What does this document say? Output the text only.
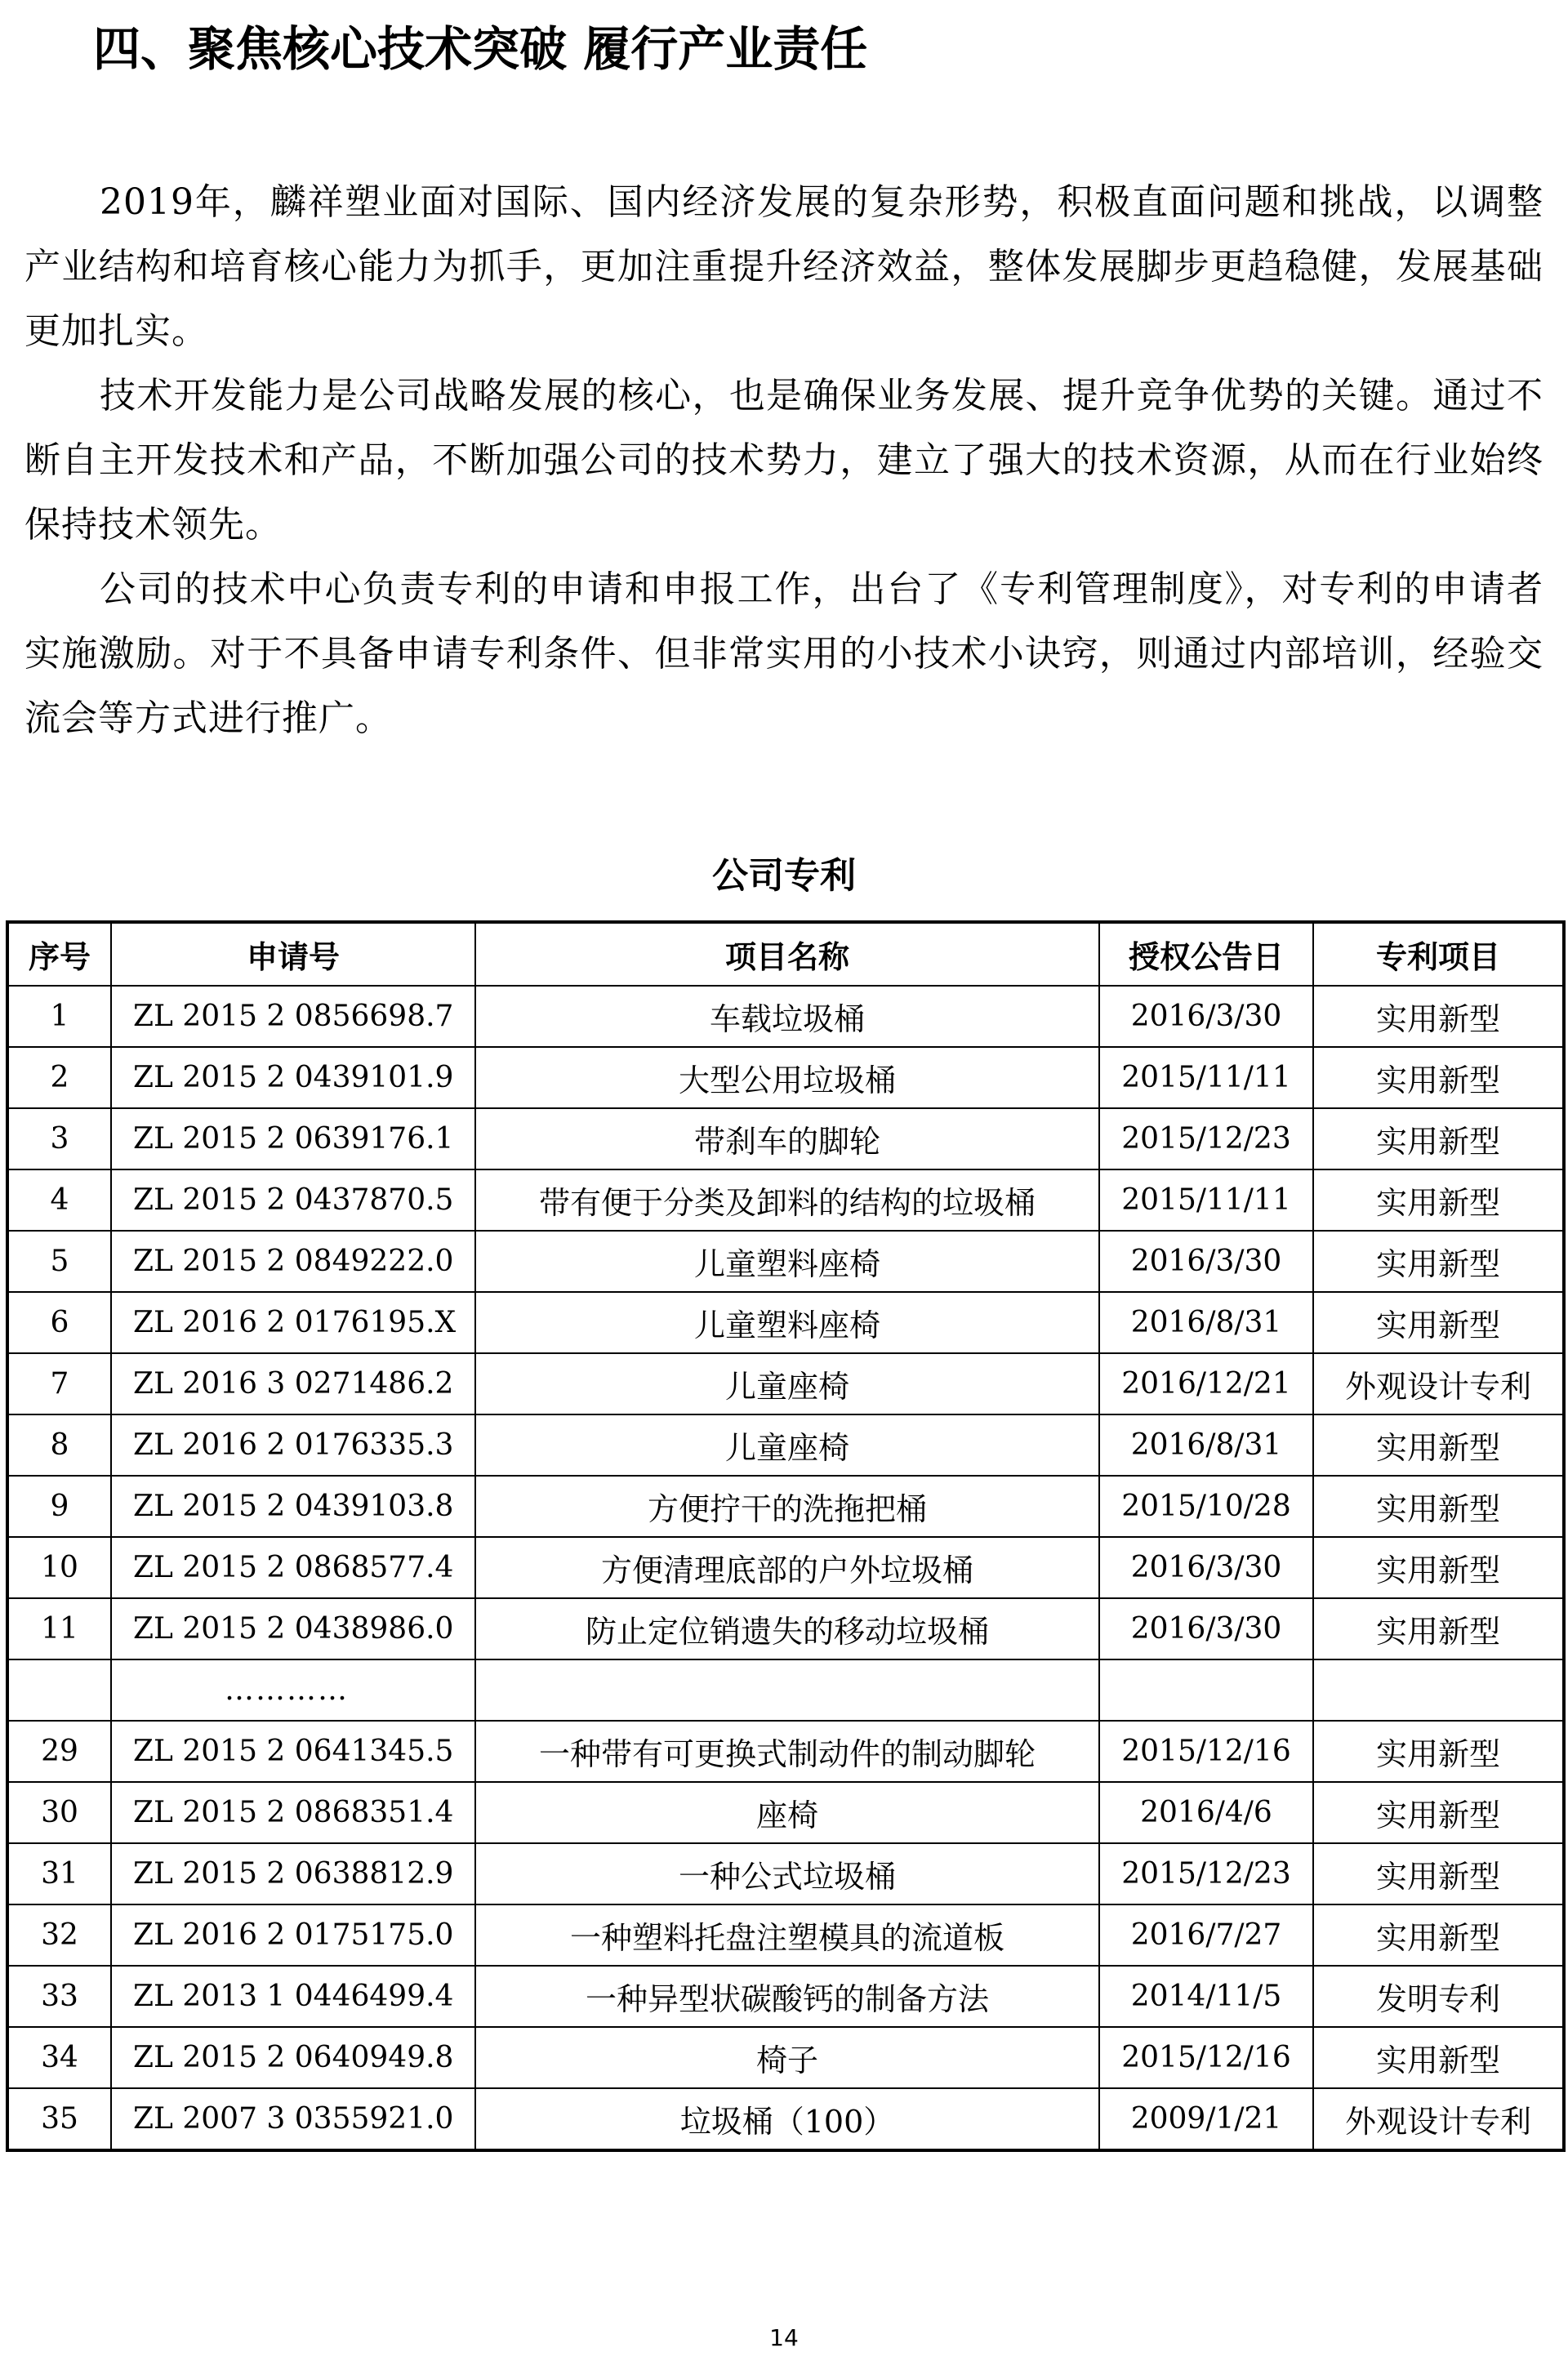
四、聚焦核心技术突破 履行产业责任

2019年，麟祥塑业面对国际、国内经济发展的复杂形势，积极直面问题和挑战，以调整产业结构和培育核心能力为抓手，更加注重提升经济效益，整体发展脚步更趋稳健，发展基础更加扎实。

技术开发能力是公司战略发展的核心，也是确保业务发展、提升竞争优势的关键。通过不断自主开发技术和产品，不断加强公司的技术势力，建立了强大的技术资源，从而在行业始终保持技术领先。

公司的技术中心负责专利的申请和申报工作，出台了《专利管理制度》，对专利的申请者实施激励。对于不具备申请专利条件、但非常实用的小技术小诀窍，则通过内部培训，经验交流会等方式进行推广。

公司专利

序号	申请号	项目名称	授权公告日	专利项目
1	ZL 2015 2 0856698.7	车载垃圾桶	2016/3/30	实用新型
2	ZL 2015 2 0439101.9	大型公用垃圾桶	2015/11/11	实用新型
3	ZL 2015 2 0639176.1	带刹车的脚轮	2015/12/23	实用新型
4	ZL 2015 2 0437870.5	带有便于分类及卸料的结构的垃圾桶	2015/11/11	实用新型
5	ZL 2015 2 0849222.0	儿童塑料座椅	2016/3/30	实用新型
6	ZL 2016 2 0176195.X	儿童塑料座椅	2016/8/31	实用新型
7	ZL 2016 3 0271486.2	儿童座椅	2016/12/21	外观设计专利
8	ZL 2016 2 0176335.3	儿童座椅	2016/8/31	实用新型
9	ZL 2015 2 0439103.8	方便拧干的洗拖把桶	2015/10/28	实用新型
10	ZL 2015 2 0868577.4	方便清理底部的户外垃圾桶	2016/3/30	实用新型
11	ZL 2015 2 0438986.0	防止定位销遗失的移动垃圾桶	2016/3/30	实用新型
	…………			
29	ZL 2015 2 0641345.5	一种带有可更换式制动件的制动脚轮	2015/12/16	实用新型
30	ZL 2015 2 0868351.4	座椅	2016/4/6	实用新型
31	ZL 2015 2 0638812.9	一种公式垃圾桶	2015/12/23	实用新型
32	ZL 2016 2 0175175.0	一种塑料托盘注塑模具的流道板	2016/7/27	实用新型
33	ZL 2013 1 0446499.4	一种异型状碳酸钙的制备方法	2014/11/5	发明专利
34	ZL 2015 2 0640949.8	椅子	2015/12/16	实用新型
35	ZL 2007 3 0355921.0	垃圾桶（100）	2009/1/21	外观设计专利

14
